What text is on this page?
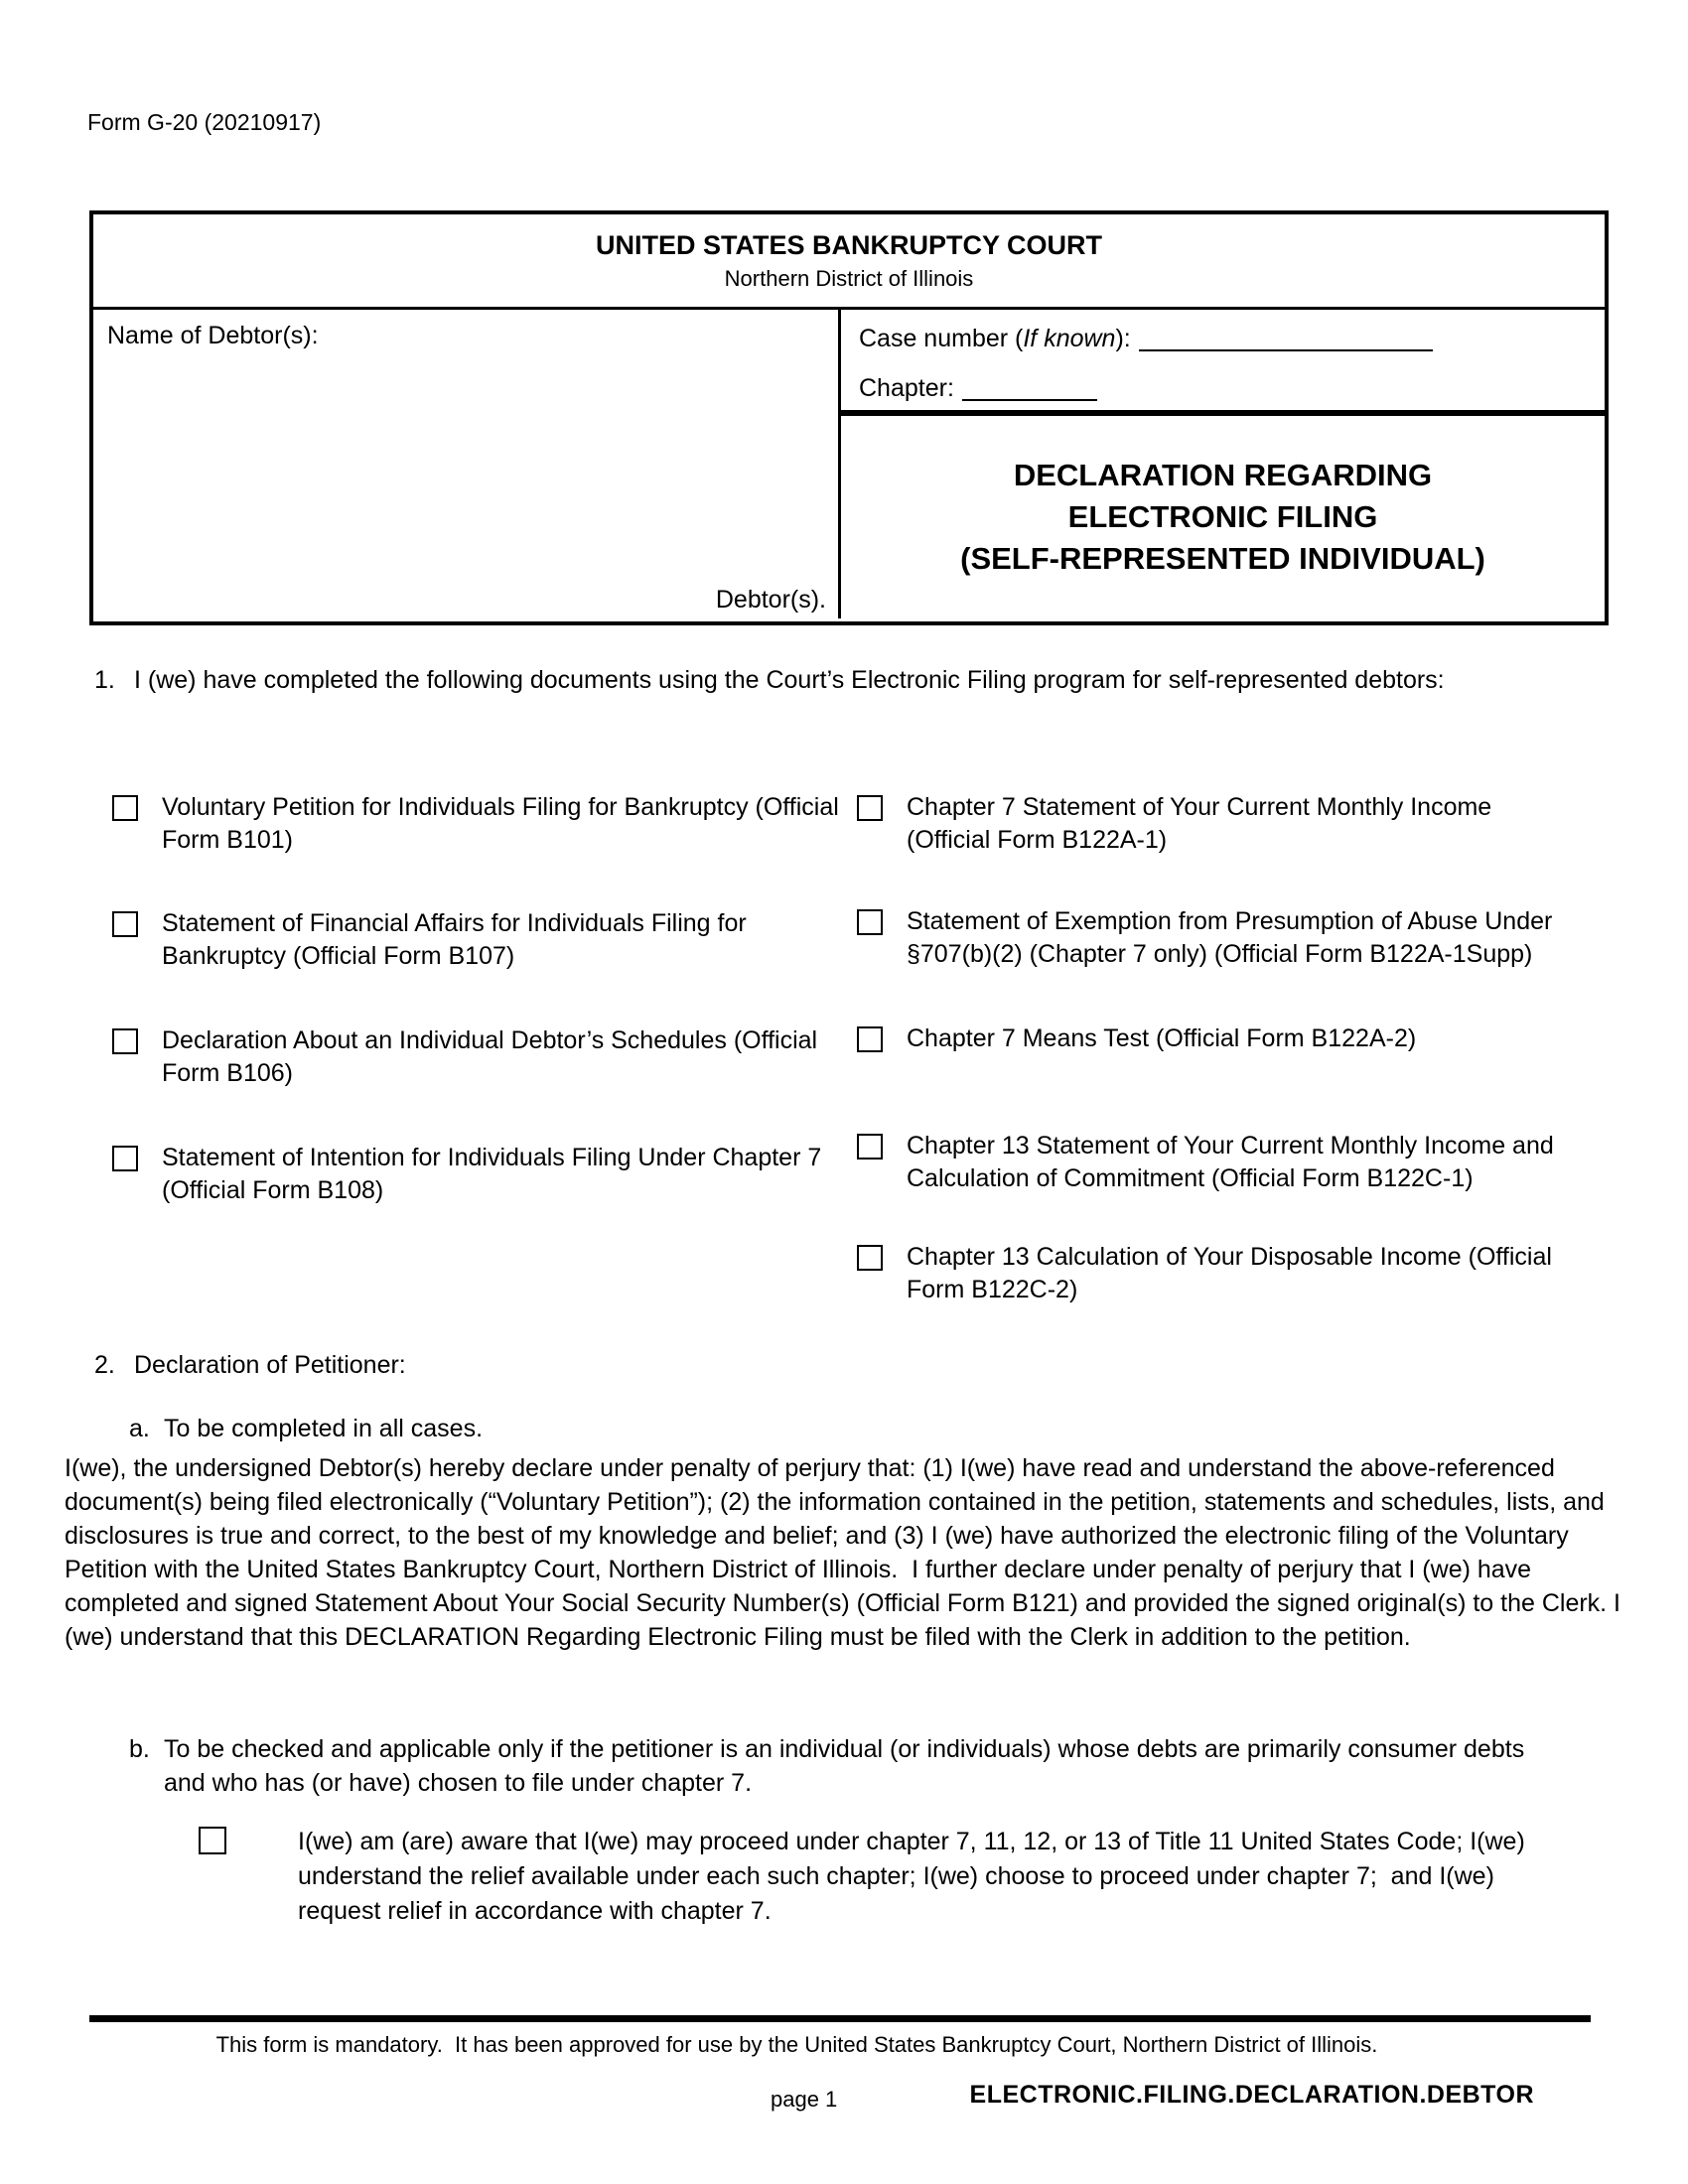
Form G-20 (20210917)
UNITED STATES BANKRUPTCY COURT
Northern District of Illinois
Name of Debtor(s):
Debtor(s).
Case number (If known):
Chapter:
DECLARATION REGARDING
ELECTRONIC FILING
(SELF-REPRESENTED INDIVIDUAL)
1. I (we) have completed the following documents using the Court’s Electronic Filing program for self-represented debtors:
Voluntary Petition for Individuals Filing for Bankruptcy (Official Form B101)
Statement of Financial Affairs for Individuals Filing for Bankruptcy (Official Form B107)
Declaration About an Individual Debtor’s Schedules (Official Form B106)
Statement of Intention for Individuals Filing Under Chapter 7 (Official Form B108)
Chapter 7 Statement of Your Current Monthly Income (Official Form B122A-1)
Statement of Exemption from Presumption of Abuse Under §707(b)(2) (Chapter 7 only) (Official Form B122A-1Supp)
Chapter 7 Means Test (Official Form B122A-2)
Chapter 13 Statement of Your Current Monthly Income and Calculation of Commitment (Official Form B122C-1)
Chapter 13 Calculation of Your Disposable Income (Official Form B122C-2)
2. Declaration of Petitioner:
a. To be completed in all cases.
I(we), the undersigned Debtor(s) hereby declare under penalty of perjury that: (1) I(we) have read and understand the above-referenced document(s) being filed electronically (“Voluntary Petition”); (2) the information contained in the petition, statements and schedules, lists, and disclosures is true and correct, to the best of my knowledge and belief; and (3) I (we) have authorized the electronic filing of the Voluntary Petition with the United States Bankruptcy Court, Northern District of Illinois.  I further declare under penalty of perjury that I (we) have completed and signed Statement About Your Social Security Number(s) (Official Form B121) and provided the signed original(s) to the Clerk. I (we) understand that this DECLARATION Regarding Electronic Filing must be filed with the Clerk in addition to the petition.
b. To be checked and applicable only if the petitioner is an individual (or individuals) whose debts are primarily consumer debts and who has (or have) chosen to file under chapter 7.
I(we) am (are) aware that I(we) may proceed under chapter 7, 11, 12, or 13 of Title 11 United States Code; I(we) understand the relief available under each such chapter; I(we) choose to proceed under chapter 7;  and I(we) request relief in accordance with chapter 7.
This form is mandatory.  It has been approved for use by the United States Bankruptcy Court, Northern District of Illinois.
page 1	ELECTRONIC.FILING.DECLARATION.DEBTOR
